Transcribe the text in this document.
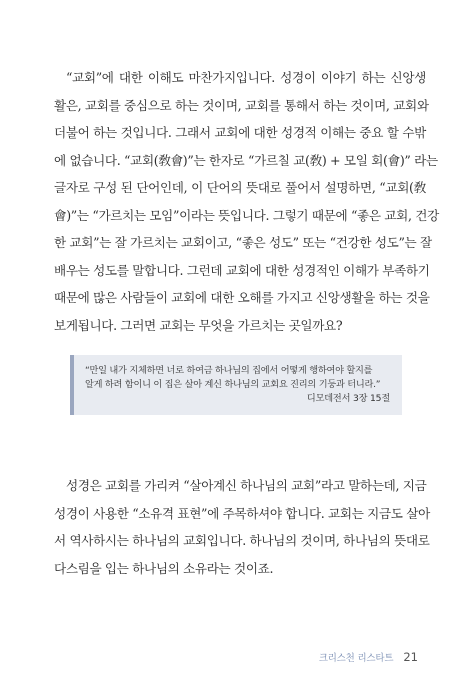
“교회”에 대한 이해도 마찬가지입니다. 성경이 이야기 하는 신앙생
활은, 교회를 중심으로 하는 것이며, 교회를 통해서 하는 것이며, 교회와
더불어 하는 것입니다. 그래서 교회에 대한 성경적 이해는 중요 할 수밖
에 없습니다. “교회(敎會)”는 한자로 “가르칠 교(敎) + 모일 회(會)” 라는
글자로 구성 된 단어인데, 이 단어의 뜻대로 풀어서 설명하면, “교회(敎
會)”는 “가르치는 모임”이라는 뜻입니다. 그렇기 때문에 “좋은 교회, 건강
한 교회”는 잘 가르치는 교회이고, “좋은 성도” 또는 “건강한 성도”는 잘
배우는 성도를 말합니다. 그런데 교회에 대한 성경적인 이해가 부족하기
때문에 많은 사람들이 교회에 대한 오해를 가지고 신앙생활을 하는 것을
보게됩니다. 그러면 교회는 무엇을 가르치는 곳일까요?
“만일 내가 지체하면 너로 하여금 하나님의 집에서 어떻게 행하여야 할지를
알게 하려 함이니 이 집은 살아 계신 하나님의 교회요 진리의 기둥과 터니라.”
디모데전서 3장 15절
성경은 교회를 가리켜 “살아계신 하나님의 교회”라고 말하는데, 지금
성경이 사용한 “소유격 표현”에 주목하셔야 합니다. 교회는 지금도 살아
서 역사하시는 하나님의 교회입니다. 하나님의 것이며, 하나님의 뜻대로
다스림을 입는 하나님의 소유라는 것이죠.
크리스천 리스타트 21
